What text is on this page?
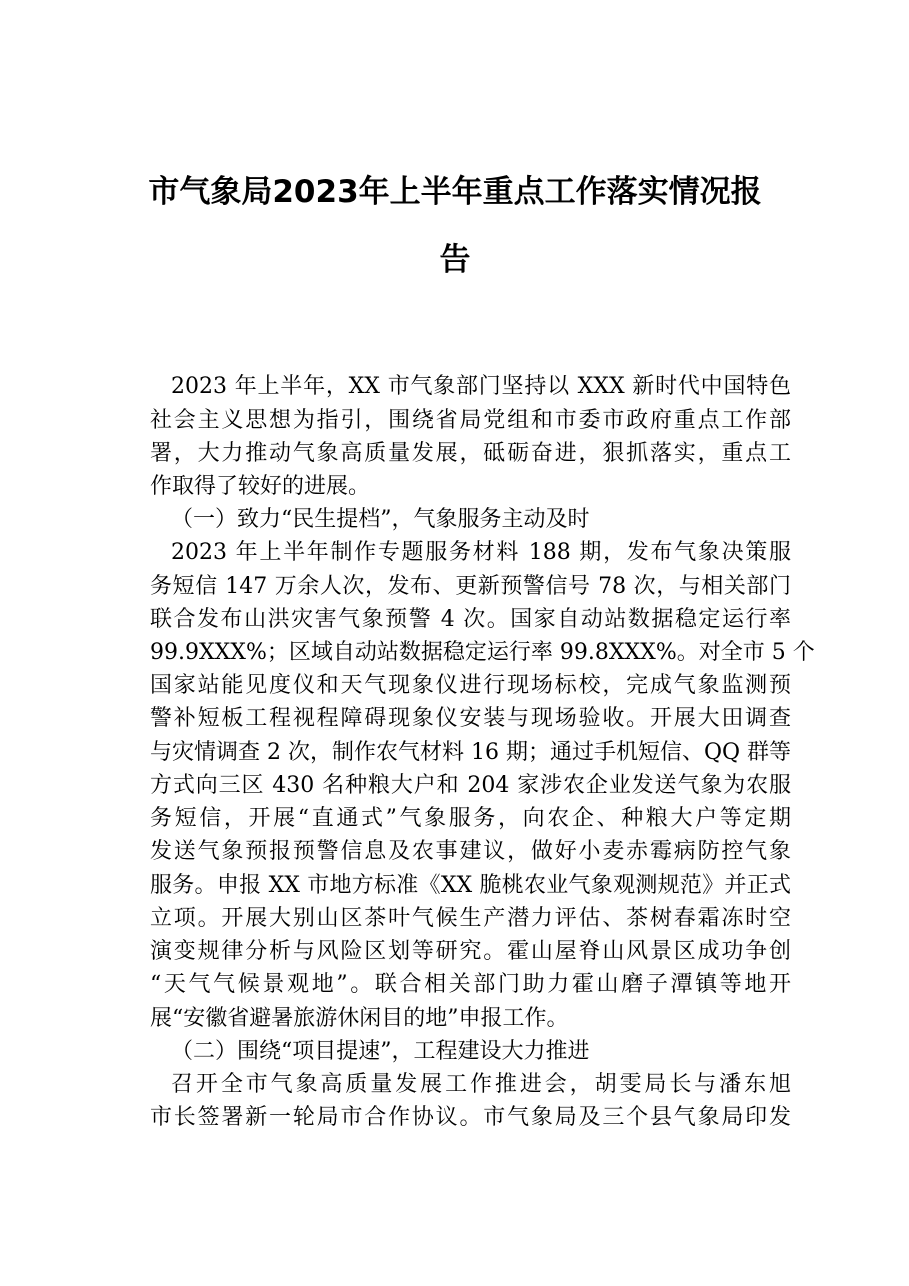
市气象局2023年上半年重点工作落实情况报
告
2023 年上半年，XX 市气象部门坚持以 XXX 新时代中国特色
社会主义思想为指引，围绕省局党组和市委市政府重点工作部
署，大力推动气象高质量发展，砥砺奋进，狠抓落实，重点工
作取得了较好的进展。
（一）致力“民生提档”，气象服务主动及时
2023 年上半年制作专题服务材料 188 期，发布气象决策服
务短信 147 万余人次，发布、更新预警信号 78 次，与相关部门
联合发布山洪灾害气象预警 4 次。国家自动站数据稳定运行率
99.9XXX%；区域自动站数据稳定运行率 99.8XXX%。对全市 5 个
国家站能见度仪和天气现象仪进行现场标校，完成气象监测预
警补短板工程视程障碍现象仪安装与现场验收。开展大田调查
与灾情调查 2 次，制作农气材料 16 期；通过手机短信、QQ 群等
方式向三区 430 名种粮大户和 204 家涉农企业发送气象为农服
务短信，开展“直通式”气象服务，向农企、种粮大户等定期
发送气象预报预警信息及农事建议，做好小麦赤霉病防控气象
服务。申报 XX 市地方标准《XX 脆桃农业气象观测规范》并正式
立项。开展大别山区茶叶气候生产潜力评估、茶树春霜冻时空
演变规律分析与风险区划等研究。霍山屋脊山风景区成功争创
“天气气候景观地”。联合相关部门助力霍山磨子潭镇等地开
展“安徽省避暑旅游休闲目的地”申报工作。
（二）围绕“项目提速”，工程建设大力推进
召开全市气象高质量发展工作推进会，胡雯局长与潘东旭
市长签署新一轮局市合作协议。市气象局及三个县气象局印发
